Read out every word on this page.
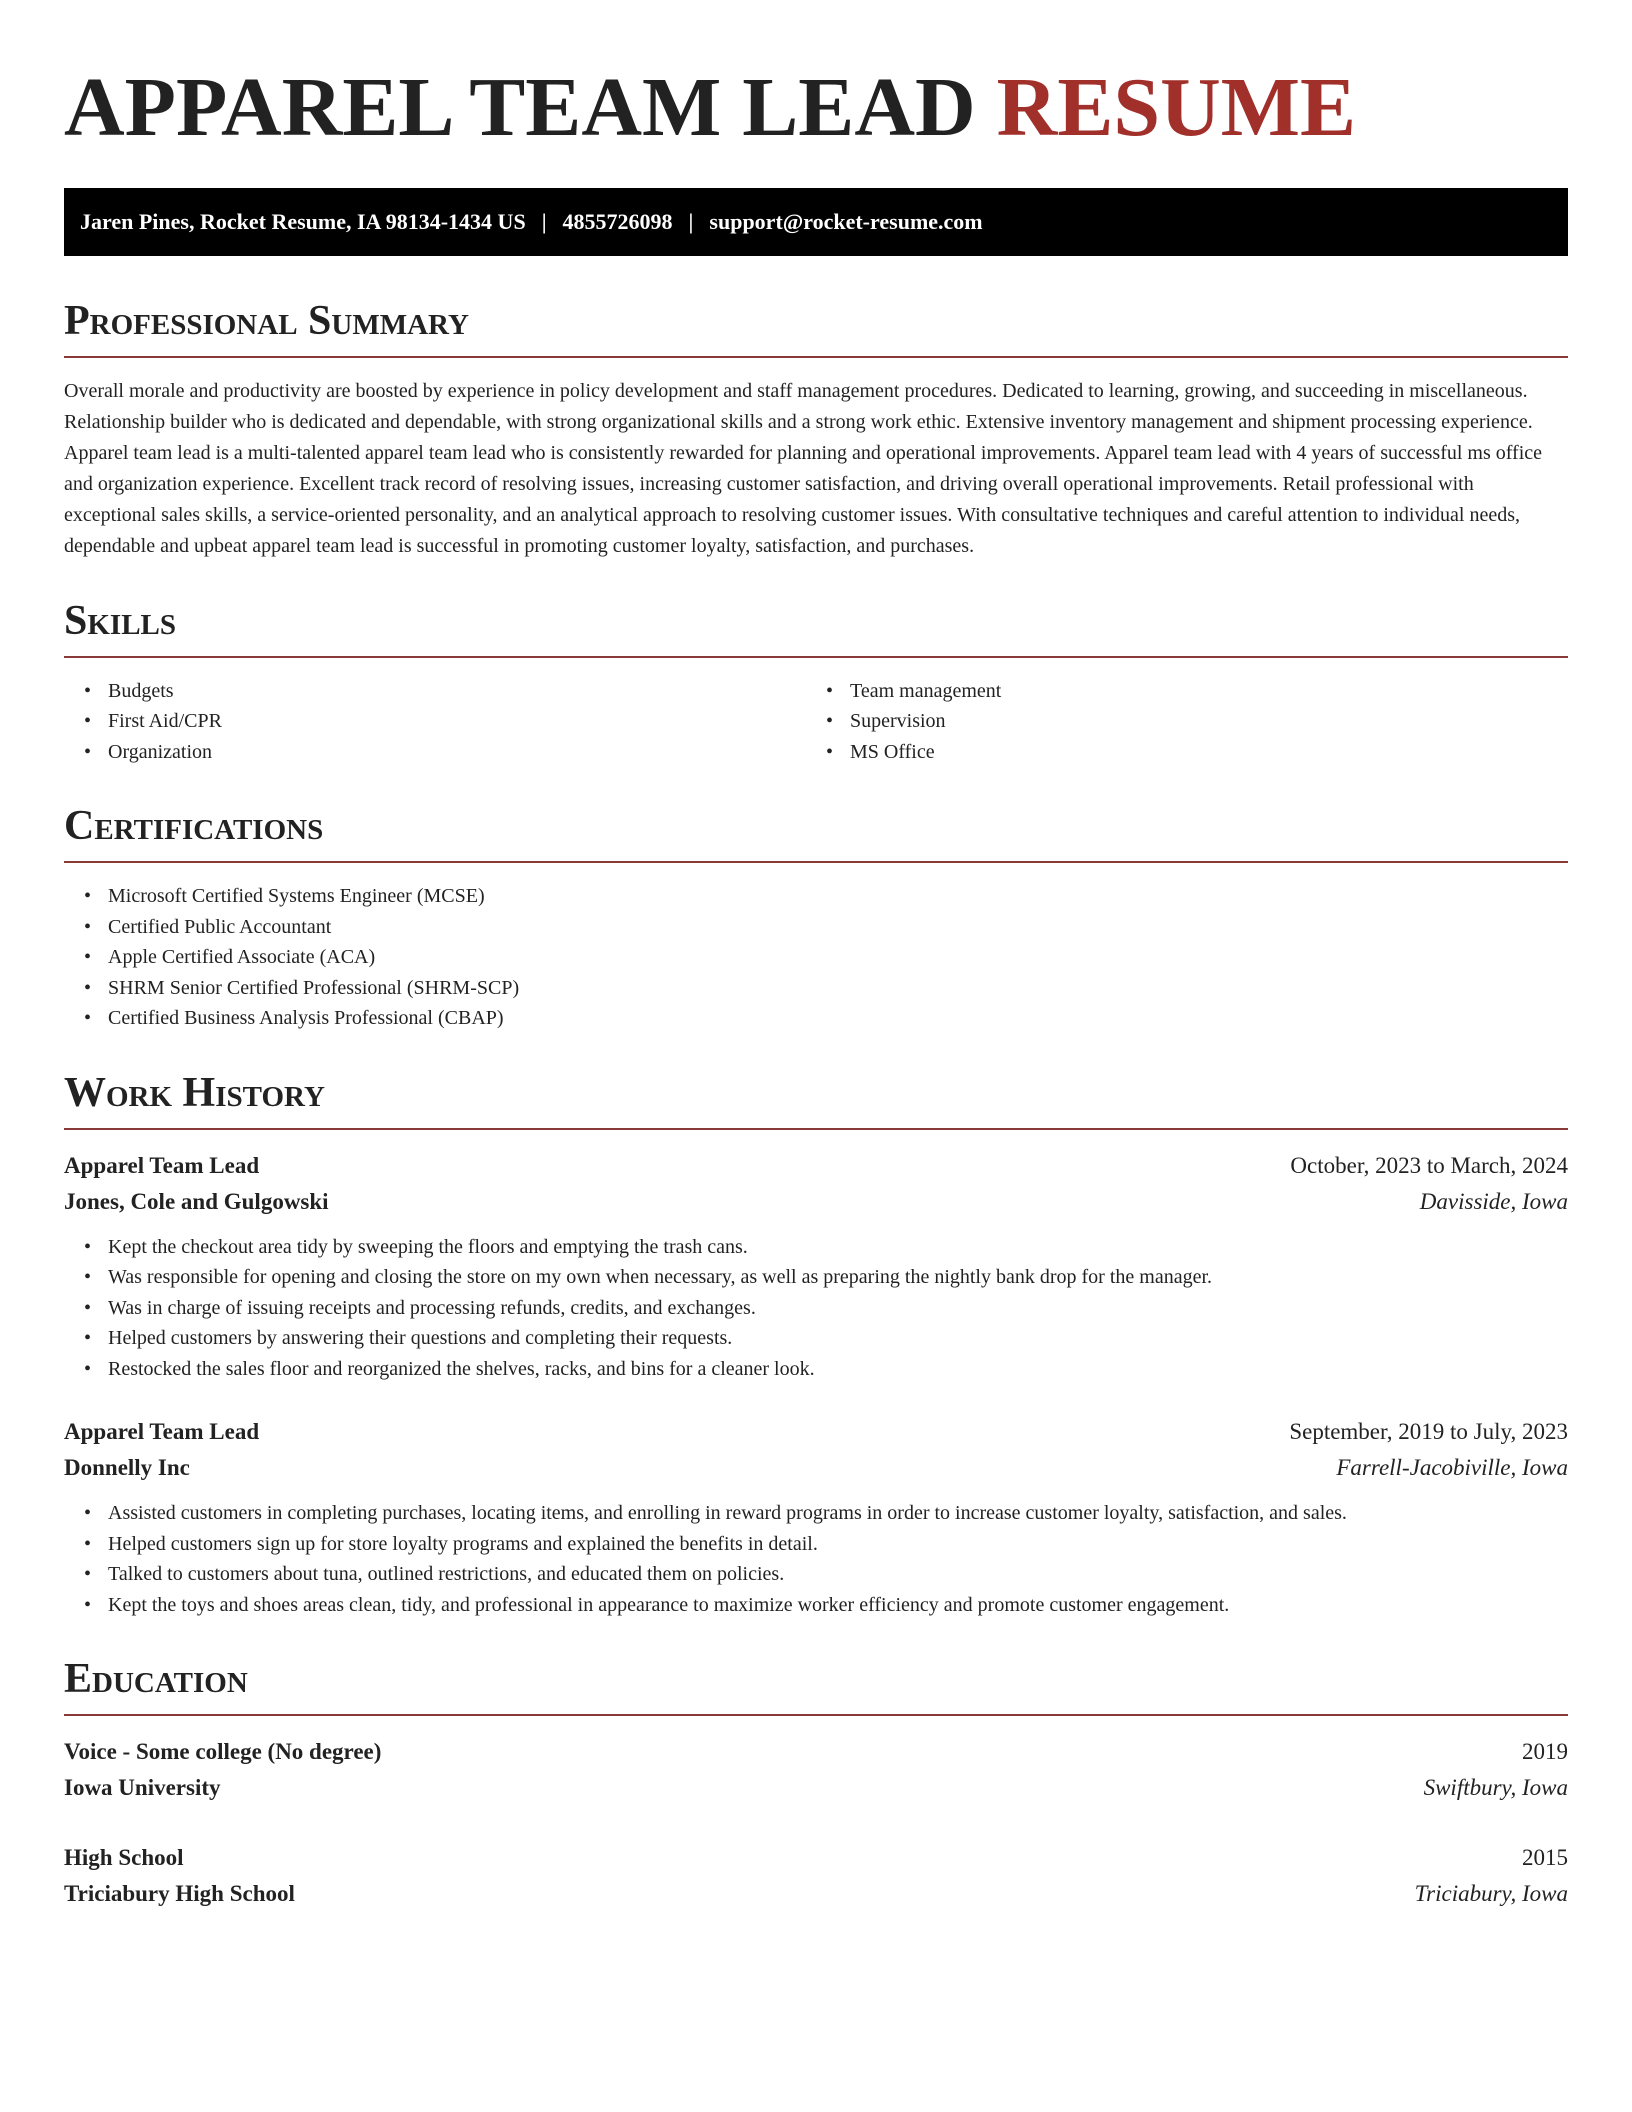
APPAREL TEAM LEAD RESUME
Jaren Pines, Rocket Resume, IA 98134-1434 US | 4855726098 | support@rocket-resume.com
Professional Summary

Overall morale and productivity are boosted by experience in policy development and staff management procedures. Dedicated to learning, growing, and succeeding in miscellaneous. Relationship builder who is dedicated and dependable, with strong organizational skills and a strong work ethic. Extensive inventory management and shipment processing experience. Apparel team lead is a multi-talented apparel team lead who is consistently rewarded for planning and operational improvements. Apparel team lead with 4 years of successful ms office and organization experience. Excellent track record of resolving issues, increasing customer satisfaction, and driving overall operational improvements. Retail professional with exceptional sales skills, a service-oriented personality, and an analytical approach to resolving customer issues. With consultative techniques and careful attention to individual needs, dependable and upbeat apparel team lead is successful in promoting customer loyalty, satisfaction, and purchases.

Skills
• Budgets
• First Aid/CPR
• Organization
• Team management
• Supervision
• MS Office
Certifications
• Microsoft Certified Systems Engineer (MCSE)
• Certified Public Accountant
• Apple Certified Associate (ACA)
• SHRM Senior Certified Professional (SHRM-SCP)
• Certified Business Analysis Professional (CBAP)
Work History
Apparel Team Lead	October, 2023 to March, 2024
Jones, Cole and Gulgowski	Davisside, Iowa
• Kept the checkout area tidy by sweeping the floors and emptying the trash cans.
• Was responsible for opening and closing the store on my own when necessary, as well as preparing the nightly bank drop for the manager.
• Was in charge of issuing receipts and processing refunds, credits, and exchanges.
• Helped customers by answering their questions and completing their requests.
• Restocked the sales floor and reorganized the shelves, racks, and bins for a cleaner look.
Apparel Team Lead	September, 2019 to July, 2023
Donnelly Inc	Farrell-Jacobiville, Iowa
• Assisted customers in completing purchases, locating items, and enrolling in reward programs in order to increase customer loyalty, satisfaction, and sales.
• Helped customers sign up for store loyalty programs and explained the benefits in detail.
• Talked to customers about tuna, outlined restrictions, and educated them on policies.
• Kept the toys and shoes areas clean, tidy, and professional in appearance to maximize worker efficiency and promote customer engagement.
Education
Voice - Some college (No degree)	2019
Iowa University	Swiftbury, Iowa
High School	2015
Triciabury High School	Triciabury, Iowa
